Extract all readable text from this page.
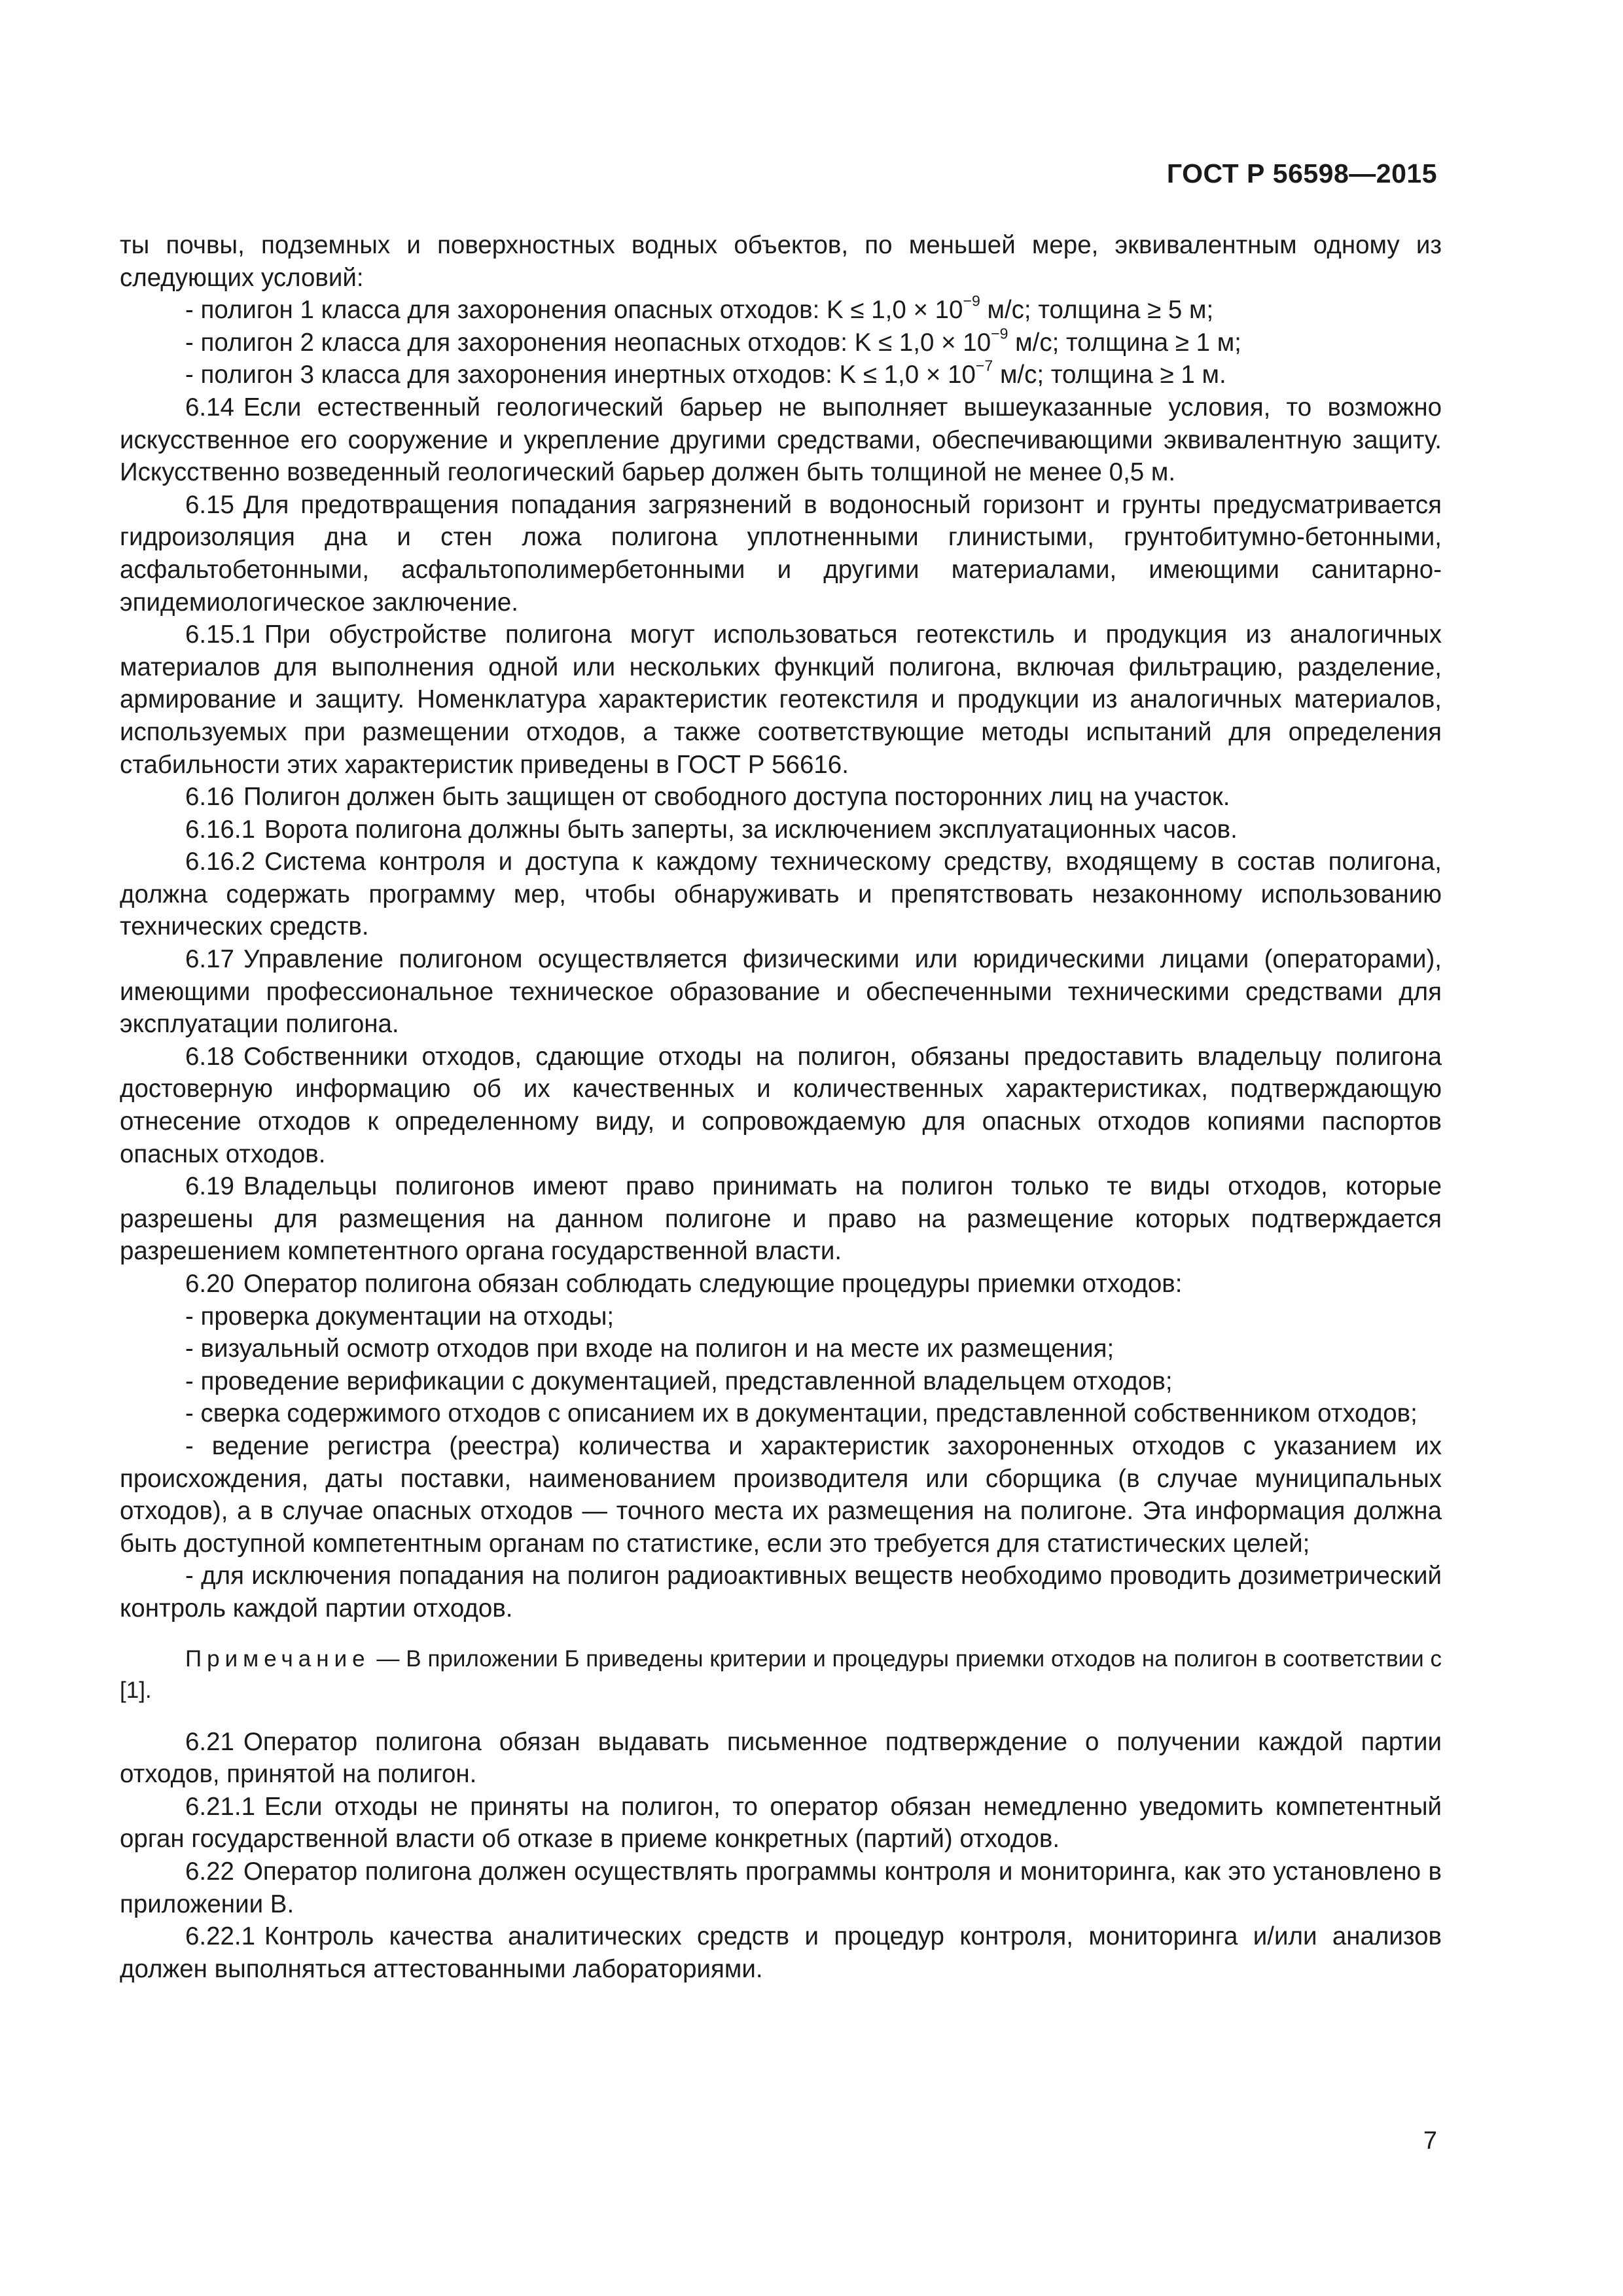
ГОСТ Р 56598—2015

ты почвы, подземных и поверхностных водных объектов, по меньшей мере, эквивалентным одному из следующих условий:

- полигон 1 класса для захоронения опасных отходов: $K \le 1,0 \times 10^{-9}$ м/с; толщина ≥ 5 м;

- полигон 2 класса для захоронения неопасных отходов: $K \le 1,0 \times 10^{-9}$ м/с; толщина ≥ 1 м;

- полигон 3 класса для захоронения инертных отходов: $K \le 1,0 \times 10^{-7}$ м/с; толщина ≥ 1 м.

6.14 Если естественный геологический барьер не выполняет вышеуказанные условия, то возможно искусственное его сооружение и укрепление другими средствами, обеспечивающими эквивалентную защиту. Искусственно возведенный геологический барьер должен быть толщиной не менее 0,5 м.

6.15 Для предотвращения попадания загрязнений в водоносный горизонт и грунты предусматривается гидроизоляция дна и стен ложа полигона уплотненными глинистыми, грунтобитумно-бетонными, асфальтобетонными, асфальтополимербетонными и другими материалами, имеющими санитарно-эпидемиологическое заключение.

6.15.1 При обустройстве полигона могут использоваться геотекстиль и продукция из аналогичных материалов для выполнения одной или нескольких функций полигона, включая фильтрацию, разделение, армирование и защиту. Номенклатура характеристик геотекстиля и продукции из аналогичных материалов, используемых при размещении отходов, а также соответствующие методы испытаний для определения стабильности этих характеристик приведены в ГОСТ Р 56616.

6.16 Полигон должен быть защищен от свободного доступа посторонних лиц на участок.

6.16.1 Ворота полигона должны быть заперты, за исключением эксплуатационных часов.

6.16.2 Система контроля и доступа к каждому техническому средству, входящему в состав полигона, должна содержать программу мер, чтобы обнаруживать и препятствовать незаконному использованию технических средств.

6.17 Управление полигоном осуществляется физическими или юридическими лицами (операторами), имеющими профессиональное техническое образование и обеспеченными техническими средствами для эксплуатации полигона.

6.18 Собственники отходов, сдающие отходы на полигон, обязаны предоставить владельцу полигона достоверную информацию об их качественных и количественных характеристиках, подтверждающую отнесение отходов к определенному виду, и сопровождаемую для опасных отходов копиями паспортов опасных отходов.

6.19 Владельцы полигонов имеют право принимать на полигон только те виды отходов, которые разрешены для размещения на данном полигоне и право на размещение которых подтверждается разрешением компетентного органа государственной власти.

6.20 Оператор полигона обязан соблюдать следующие процедуры приемки отходов:

- проверка документации на отходы;

- визуальный осмотр отходов при входе на полигон и на месте их размещения;

- проведение верификации с документацией, представленной владельцем отходов;

- сверка содержимого отходов с описанием их в документации, представленной собственником отходов;

- ведение регистра (реестра) количества и характеристик захороненных отходов с указанием их происхождения, даты поставки, наименованием производителя или сборщика (в случае муниципальных отходов), а в случае опасных отходов — точного места их размещения на полигоне. Эта информация должна быть доступной компетентным органам по статистике, если это требуется для статистических целей;

- для исключения попадания на полигон радиоактивных веществ необходимо проводить дозиметрический контроль каждой партии отходов.

Примечание — В приложении Б приведены критерии и процедуры приемки отходов на полигон в соответствии с [1].

6.21 Оператор полигона обязан выдавать письменное подтверждение о получении каждой партии отходов, принятой на полигон.

6.21.1 Если отходы не приняты на полигон, то оператор обязан немедленно уведомить компетентный орган государственной власти об отказе в приеме конкретных (партий) отходов.

6.22 Оператор полигона должен осуществлять программы контроля и мониторинга, как это установлено в приложении В.

6.22.1 Контроль качества аналитических средств и процедур контроля, мониторинга и/или анализов должен выполняться аттестованными лабораториями.

7
